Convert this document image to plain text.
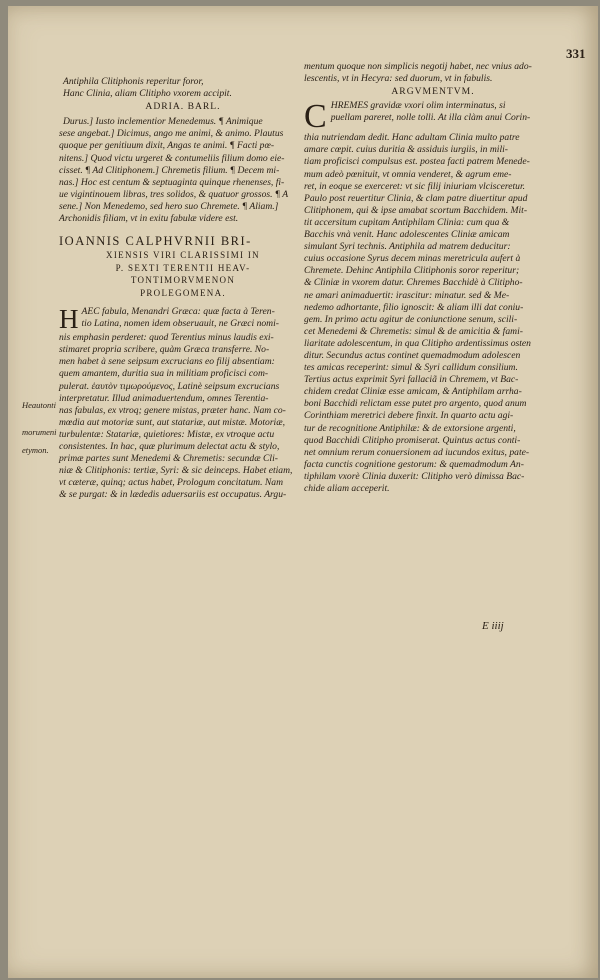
331
Antiphila Clitiphonis reperitur foror,
Hanc Clinia, aliam Clitipho vxorem accipit.
ADRIA. BARL.
Durus.] Iusto inclementior Menedemus. ¶ Animique
sese angebat.] Dicimus, ango me animi, & animo. Plautus
quoque per genitiuum dixit, Angas te animi. ¶ Facti pœ-
nitens.] Quod victu urgeret & contumeliis filium domo eie-
cisset. ¶ Ad Clitiphonem.] Chremetis filium. ¶ Decem mi-
nas.] Hoc est centum & septuaginta quinque rhenenses, fi-
ue vigintinouem libras, tres solidos, & quatuor grossos. ¶ A
sene.] Non Menedemo, sed hero suo Chremete. ¶ Aliam.]
Archonidis filiam, vt in exitu fabulæ videre est.
IOANNIS CALPHVRNII BRI-
XIENSIS VIRI CLARISSIMI IN
P. SEXTI TERENTII HEAV-
TONTIMORVMENON
PROLEGOMENA.
H AEC fabula, Menandri Græca: quæ facta à Teren-
tio Latina, nomen idem obseruauit, ne Græci nomi-
nis emphasin perderet: quod Terentius minus laudis exi-
stimaret propria scribere, quàm Græca transferre. No-
men habet à sene seipsum excrucians eo filij absentiam:
quem amantem, duritia sua in militiam proficisci com-
pulerat. ἑαυτὸν τιμωρούμενος, Latinè seipsum excrucians
interpretatur. Illud animaduertendum, omnes Terentia-
nas fabulas, ex vtroq; genere mistas, præter hanc. Nam co-
mœdia aut motoriæ sunt, aut statariæ, aut mistæ. Motoriæ,
turbulentæ: Statariæ, quietiores: Mistæ, ex vtroque actu
consistentes. In hac, quæ plurimum delectat actu & stylo,
primæ partes sunt Menedemi & Chremetis: secundæ Cli-
niæ & Clitiphonis: tertiæ, Syri: & sic deinceps. Habet etiam,
vt cæteræ, quinq; actus habet, Prologum concitatum. Nam
& se purgat: & in lædedis aduersariis est occupatus. Argu-
Heautonti
morumeni
etymon.
mentum quoque non simplicis negotij habet, nec vnius ado-
lescentis, vt in Hecyra: sed duorum, vt in fabulis.
ARGVMENTVM.
C HREMES gravidæ vxori olim interminatus, si
puellam pareret, nolle tolli. At illa clàm anui Corin-
thia nutriendam dedit. Hanc adultam Clinia multo patre
amare cœpit. cuius duritia & assiduis iurgiis, in mili-
tiam proficisci compulsus est. postea facti patrem Menede-
mum adeò pœnituit, vt omnia venderet, & agrum eme-
ret, in eoque se exerceret: vt sic filij iniuriam vlcisceretur.
Paulo post reuertitur Clinia, & clam patre diuertitur apud
Clitiphonem, qui & ipse amabat scortum Bacchidem. Mit-
tit accersitum cupitam Antiphilam Clinia: cum qua &
Bacchis vnà venit. Hanc adolescentes Cliniæ amicam
simulant Syri technis. Antiphila ad matrem deducitur:
cuius occasione Syrus decem minas meretricula aufert à
Chremete. Dehinc Antiphila Clitiphonis soror reperitur;
& Cliniæ in vxorem datur. Chremes Bacchidè à Clitipho-
ne amari animaduertit: irascitur: minatur. sed & Me-
nedemo adhortante, filio ignoscit: & aliam illi dat coniu-
gem. In primo actu agitur de coniunctione senum, scili-
cet Menedemi & Chremetis: simul & de amicitia & fami-
liaritate adolescentum, in qua Clitipho ardentissimus osten
ditur. Secundus actus continet quemadmodum adolescen
tes amicas receperint: simul & Syri callidum consilium.
Tertius actus exprimit Syri fallaciã in Chremem, vt Bac-
chidem credat Cliniæ esse amicam, & Antiphilam arrha-
boni Bacchidi relictam esse putet pro argento, quod anum
Corinthiam meretrici debere finxit. In quarto actu agi-
tur de recognitione Antiphilæ: & de extorsione argenti,
quod Bacchidi Clitipho promiserat. Quintus actus conti-
net omnium rerum conuersionem ad iucundos exitus, pate-
facta cunctis cognitione gestorum: & quemadmodum An-
tiphilam vxorè Clinia duxerit: Clitipho verò dimissa Bac-
chide aliam acceperit.
E iiij
